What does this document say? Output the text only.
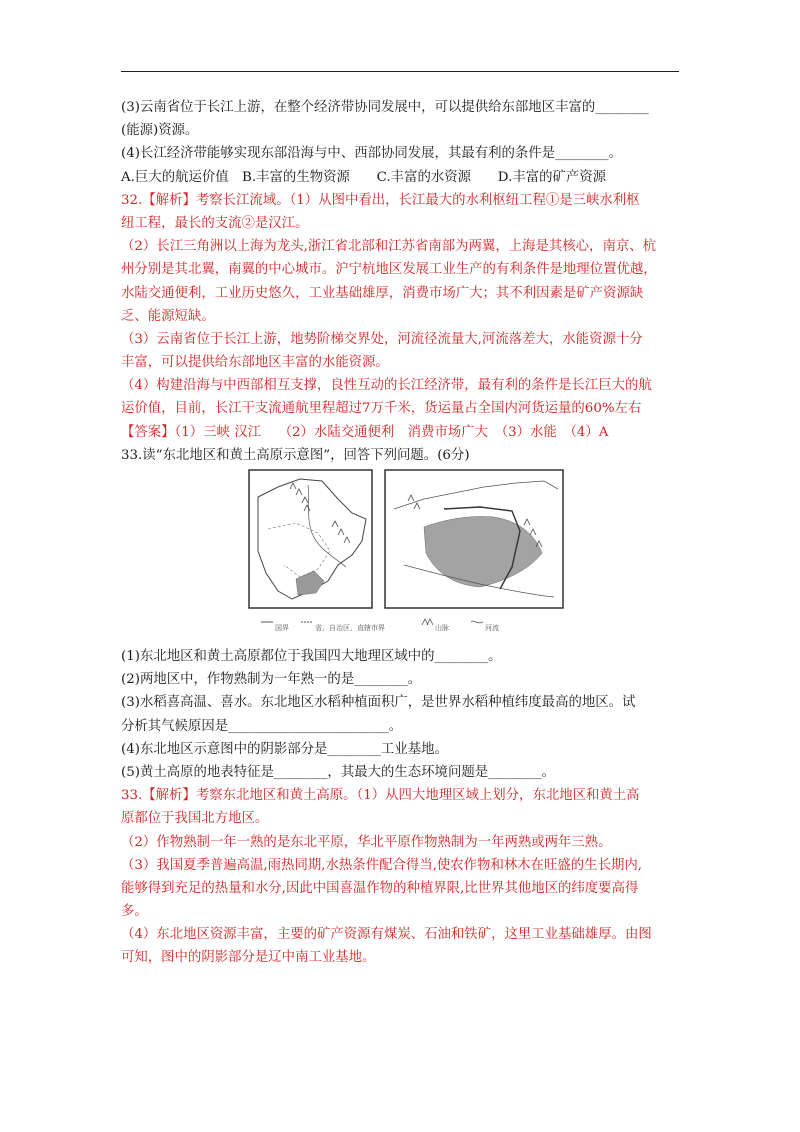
(3)云南省位于长江上游，在整个经济带协同发展中，可以提供给东部地区丰富的________
(能源)资源。
(4)长江经济带能够实现东部沿海与中、西部协同发展，其最有利的条件是________。
A.巨大的航运价值　B.丰富的生物资源　　C.丰富的水资源　　D.丰富的矿产资源
32.【解析】考察长江流域。（1）从图中看出，长江最大的水利枢纽工程①是三峡水利枢
纽工程，最长的支流②是汉江。
（2）长江三角洲以上海为龙头,浙江省北部和江苏省南部为两翼，上海是其核心，南京、杭
州分别是其北翼，南翼的中心城市。沪宁杭地区发展工业生产的有利条件是地理位置优越，
水陆交通便利，工业历史悠久，工业基础雄厚，消费市场广大；其不利因素是矿产资源缺
乏、能源短缺。
（3）云南省位于长江上游，地势阶梯交界处，河流径流量大,河流落差大，水能资源十分
丰富，可以提供给东部地区丰富的水能资源。
（4）构建沿海与中西部相互支撑，良性互动的长江经济带，最有利的条件是长江巨大的航
运价值，目前，长江干支流通航里程超过7万千米，货运量占全国内河货运量的60%左右
【答案】（1）三峡 汉江　 （2）水陆交通便利　消费市场广大　（3）水能　（4）A
33.读“东北地区和黄土高原示意图”，回答下列问题。(6分)
国界	省、自治区、直辖市界	山脉	河流
(1)东北地区和黄土高原都位于我国四大地理区域中的________。
(2)两地区中，作物熟制为一年熟一的是________。
(3)水稻喜高温、喜水。东北地区水稻种植面积广，是世界水稻种植纬度最高的地区。试
分析其气候原因是________________________。
(4)东北地区示意图中的阴影部分是________工业基地。
(5)黄土高原的地表特征是________，其最大的生态环境问题是________。
33.【解析】考察东北地区和黄土高原。（1）从四大地理区域上划分，东北地区和黄土高
原都位于我国北方地区。
（2）作物熟制一年一熟的是东北平原，华北平原作物熟制为一年两熟或两年三熟。
（3）我国夏季普遍高温,雨热同期,水热条件配合得当,使农作物和林木在旺盛的生长期内,
能够得到充足的热量和水分,因此中国喜温作物的种植界限,比世界其他地区的纬度要高得
多。
（4）东北地区资源丰富，主要的矿产资源有煤炭、石油和铁矿，这里工业基础雄厚。由图
可知，图中的阴影部分是辽中南工业基地。
